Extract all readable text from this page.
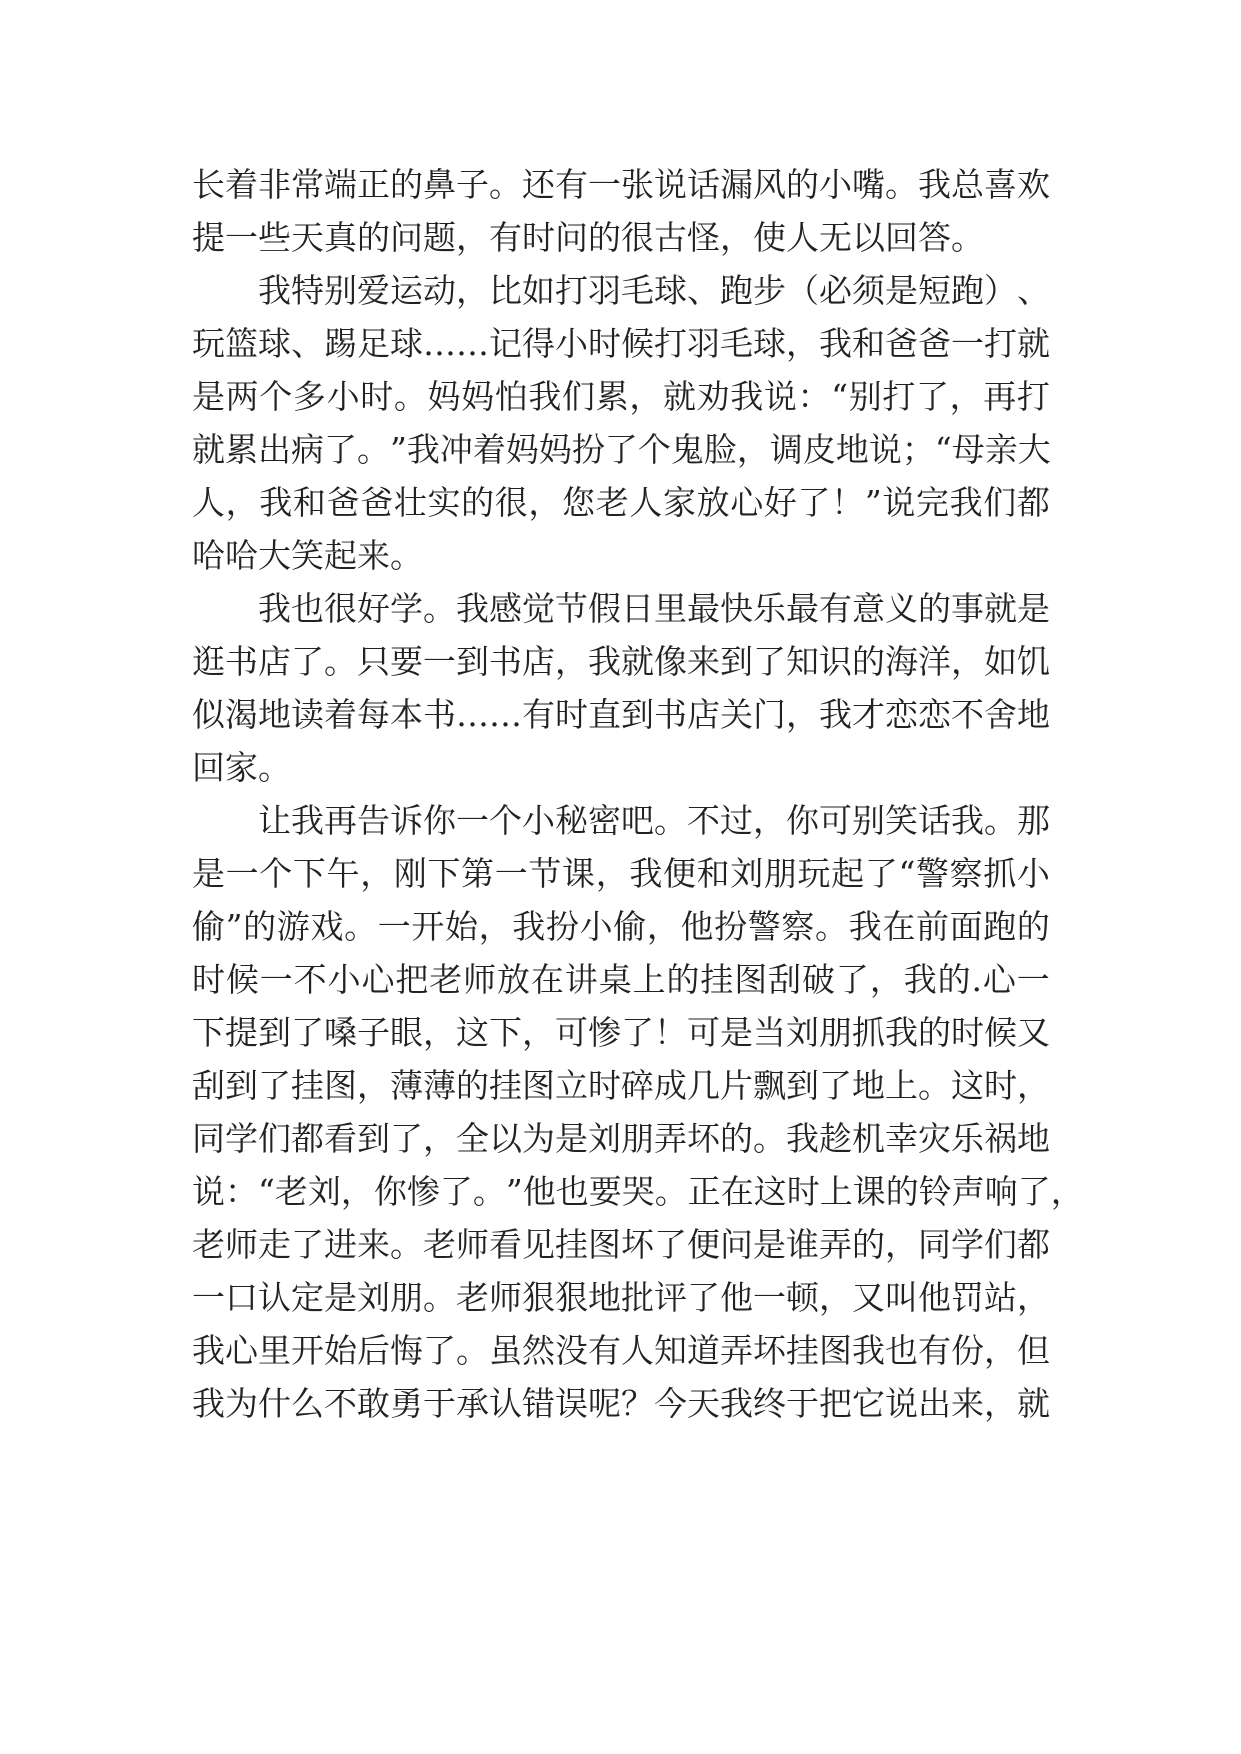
长 着 非 常 端 正 的 鼻 子 。 还 有 一 张 说 话 漏 风 的 小 嘴 。 我 总 喜 欢
提 一 些 天 真 的 问 题 ， 有 时 问 的 很 古 怪 ， 使 人 无 以 回 答 。

我 特 别 爱 运 动 ， 比 如 打 羽 毛 球 、 跑 步 （ 必 须 是 短 跑 ） 、
玩 篮 球 、 踢 足 球 … … 记 得 小 时 候 打 羽 毛 球 ， 我 和 爸 爸 一 打 就
是 两 个 多 小 时 。 妈 妈 怕 我 们 累 ， 就 劝 我 说 ： “ 别 打 了 ， 再 打
就 累 出 病 了 。 ” 我 冲 着 妈 妈 扮 了 个 鬼 脸 ， 调 皮 地 说 ； “ 母 亲 大
人 ， 我 和 爸 爸 壮 实 的 很 ， 您 老 人 家 放 心 好 了 ！ ” 说 完 我 们 都
哈 哈 大 笑 起 来 。

我 也 很 好 学 。 我 感 觉 节 假 日 里 最 快 乐 最 有 意 义 的 事 就 是
逛 书 店 了 。 只 要 一 到 书 店 ， 我 就 像 来 到 了 知 识 的 海 洋 ， 如 饥
似 渴 地 读 着 每 本 书 … … 有 时 直 到 书 店 关 门 ， 我 才 恋 恋 不 舍 地
回 家 。

让 我 再 告 诉 你 一 个 小 秘 密 吧 。 不 过 ， 你 可 别 笑 话 我 。 那
是 一 个 下 午 ， 刚 下 第 一 节 课 ， 我 便 和 刘 朋 玩 起 了 “ 警 察 抓 小
偷 ” 的 游 戏 。 一 开 始 ， 我 扮 小 偷 ， 他 扮 警 察 。 我 在 前 面 跑 的
时 候 一 不 小 心 把 老 师 放 在 讲 桌 上 的 挂 图 刮 破 了 ， 我 的 . 心 一
下 提 到 了 嗓 子 眼 ， 这 下 ， 可 惨 了 ！ 可 是 当 刘 朋 抓 我 的 时 候 又
刮 到 了 挂 图 ， 薄 薄 的 挂 图 立 时 碎 成 几 片 飘 到 了 地 上 。 这 时 ，
同 学 们 都 看 到 了 ， 全 以 为 是 刘 朋 弄 坏 的 。 我 趁 机 幸 灾 乐 祸 地
说 ： “ 老 刘 ， 你 惨 了 。 ” 他 也 要 哭 。 正 在 这 时 上 课 的 铃 声 响 了 ，
老 师 走 了 进 来 。 老 师 看 见 挂 图 坏 了 便 问 是 谁 弄 的 ， 同 学 们 都
一 口 认 定 是 刘 朋 。 老 师 狠 狠 地 批 评 了 他 一 顿 ， 又 叫 他 罚 站 ，
我 心 里 开 始 后 悔 了 。 虽 然 没 有 人 知 道 弄 坏 挂 图 我 也 有 份 ， 但
我 为 什 么 不 敢 勇 于 承 认 错 误 呢 ？ 今 天 我 终 于 把 它 说 出 来 ， 就
